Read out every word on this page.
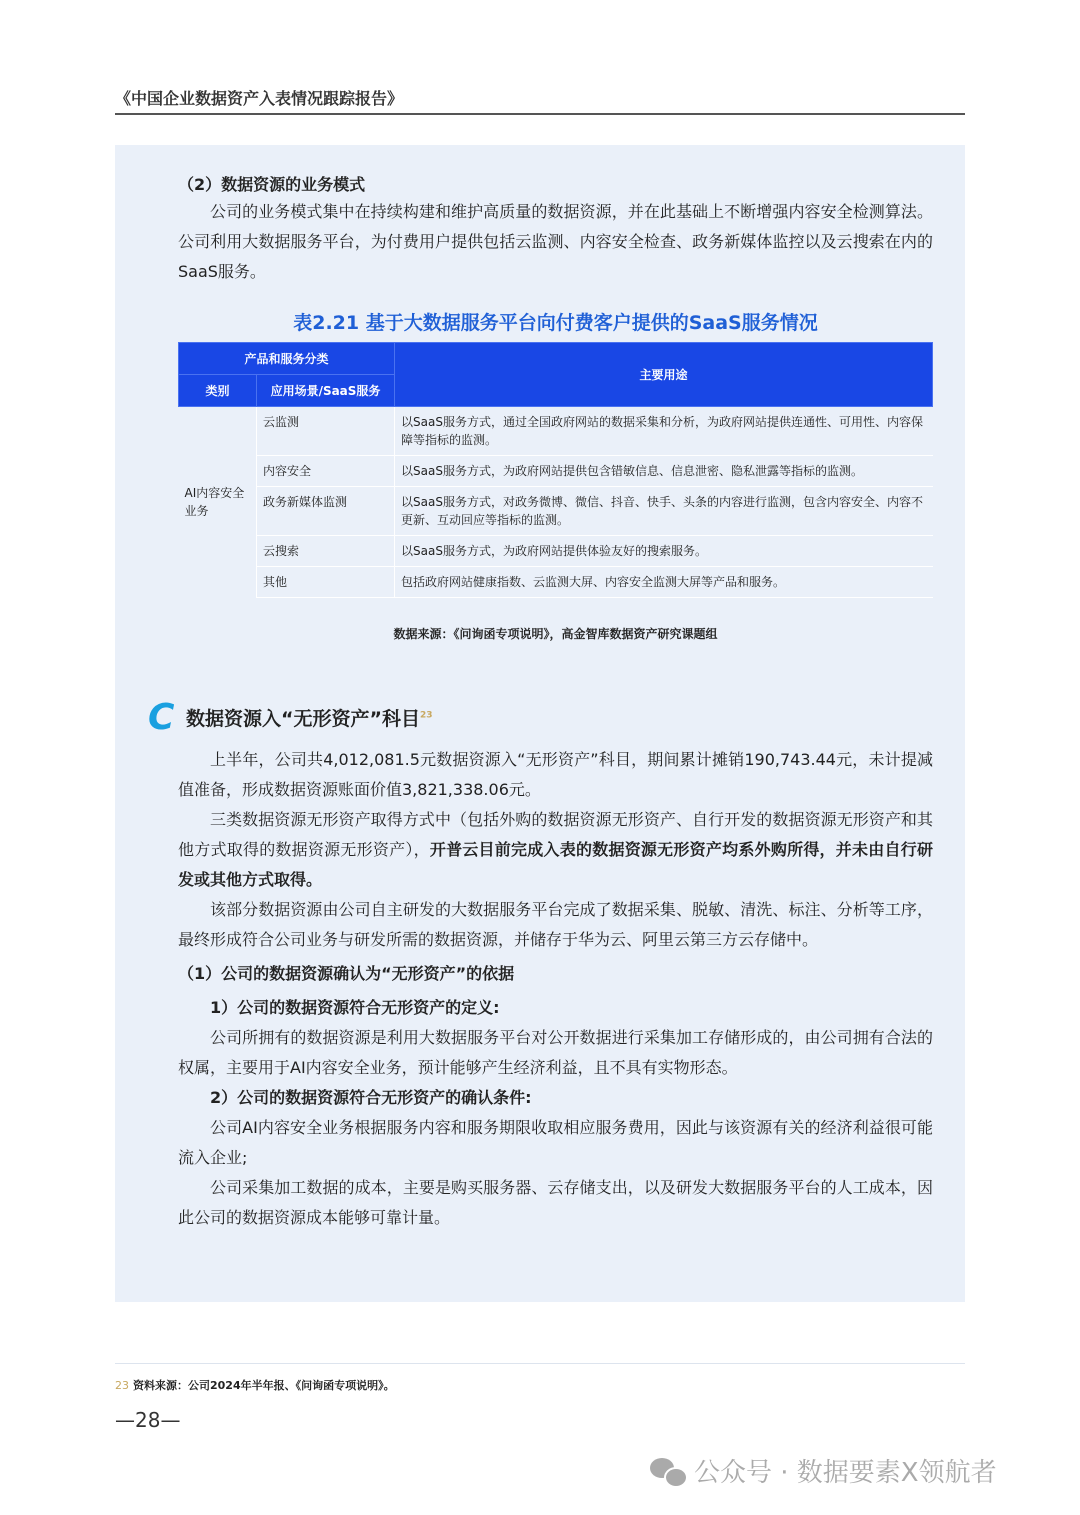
《中国企业数据资产入表情况跟踪报告》
（2）数据资源的业务模式
公司的业务模式集中在持续构建和维护高质量的数据资源，并在此基础上不断增强内容安全检测算法。公司利用大数据服务平台，为付费用户提供包括云监测、内容安全检查、政务新媒体监控以及云搜索在内的SaaS服务。
表2.21 基于大数据服务平台向付费客户提供的SaaS服务情况
产品和服务分类		主要用途
类别	应用场景/SaaS服务	
AI内容安全业务	云监测	以SaaS服务方式，通过全国政府网站的数据采集和分析，为政府网站提供连通性、可用性、内容保障等指标的监测。
	内容安全	以SaaS服务方式，为政府网站提供包含错敏信息、信息泄密、隐私泄露等指标的监测。
	政务新媒体监测	以SaaS服务方式，对政务微博、微信、抖音、快手、头条的内容进行监测，包含内容安全、内容不更新、互动回应等指标的监测。
	云搜索	以SaaS服务方式，为政府网站提供体验友好的搜索服务。
	其他	包括政府网站健康指数、云监测大屏、内容安全监测大屏等产品和服务。
数据来源：《问询函专项说明》，高金智库数据资产研究课题组
C 数据资源入“无形资产”科目$^{23}$
上半年，公司共4,012,081.5元数据资源入“无形资产”科目，期间累计摊销190,743.44元，未计提减值准备，形成数据资源账面价值3,821,338.06元。
三类数据资源无形资产取得方式中（包括外购的数据资源无形资产、自行开发的数据资源无形资产和其他方式取得的数据资源无形资产），开普云目前完成入表的数据资源无形资产均系外购所得，并未由自行研发或其他方式取得。
该部分数据资源由公司自主研发的大数据服务平台完成了数据采集、脱敏、清洗、标注、分析等工序，最终形成符合公司业务与研发所需的数据资源，并储存于华为云、阿里云第三方云存储中。
（1）公司的数据资源确认为“无形资产”的依据
1）公司的数据资源符合无形资产的定义:
公司所拥有的数据资源是利用大数据服务平台对公开数据进行采集加工存储形成的，由公司拥有合法的权属，主要用于AI内容安全业务，预计能够产生经济利益，且不具有实物形态。
2）公司的数据资源符合无形资产的确认条件:
公司AI内容安全业务根据服务内容和服务期限收取相应服务费用，因此与该资源有关的经济利益很可能流入企业;
公司采集加工数据的成本，主要是购买服务器、云存储支出，以及研发大数据服务平台的人工成本，因此公司的数据资源成本能够可靠计量。
23 资料来源：公司2024年半年报、《问询函专项说明》。
—28—
公众号 · 数据要素X领航者
